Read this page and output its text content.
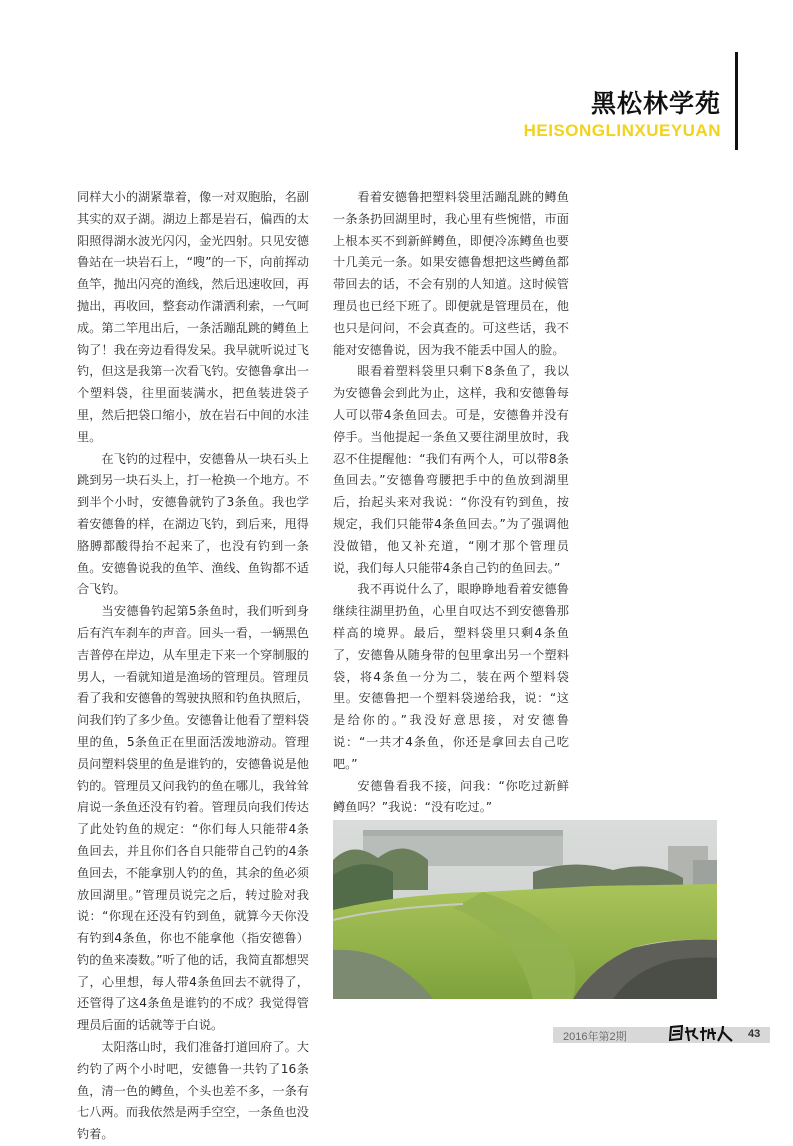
黑松林学苑
HEISONGLINXUEYUAN

同样大小的湖紧靠着，像一对双胞胎，名副其实的双子湖。湖边上都是岩石，偏西的太阳照得湖水波光闪闪，金光四射。只见安德鲁站在一块岩石上，“嗖”的一下，向前挥动鱼竿，抛出闪亮的渔线，然后迅速收回，再抛出，再收回，整套动作潇洒利索，一气呵成。第二竿甩出后，一条活蹦乱跳的鳟鱼上钩了！我在旁边看得发呆。我早就听说过飞钓，但这是我第一次看飞钓。安德鲁拿出一个塑料袋，往里面装满水，把鱼装进袋子里，然后把袋口缩小，放在岩石中间的水洼里。

在飞钓的过程中，安德鲁从一块石头上跳到另一块石头上，打一枪换一个地方。不到半个小时，安德鲁就钓了3条鱼。我也学着安德鲁的样，在湖边飞钓，到后来，甩得胳膊都酸得抬不起来了，也没有钓到一条鱼。安德鲁说我的鱼竿、渔线、鱼钩都不适合飞钓。

当安德鲁钓起第5条鱼时，我们听到身后有汽车刹车的声音。回头一看，一辆黑色吉普停在岸边，从车里走下来一个穿制服的男人，一看就知道是渔场的管理员。管理员看了我和安德鲁的驾驶执照和钓鱼执照后，问我们钓了多少鱼。安德鲁让他看了塑料袋里的鱼，5条鱼正在里面活泼地游动。管理员问塑料袋里的鱼是谁钓的，安德鲁说是他钓的。管理员又问我钓的鱼在哪儿，我耸耸肩说一条鱼还没有钓着。管理员向我们传达了此处钓鱼的规定：“你们每人只能带4条鱼回去，并且你们各自只能带自己钓的4条鱼回去，不能拿别人钓的鱼，其余的鱼必须放回湖里。”管理员说完之后，转过脸对我说：“你现在还没有钓到鱼，就算今天你没有钓到4条鱼，你也不能拿他（指安德鲁）钓的鱼来凑数。”听了他的话，我简直都想哭了，心里想，每人带4条鱼回去不就得了，还管得了这4条鱼是谁钓的不成？我觉得管理员后面的话就等于白说。

太阳落山时，我们准备打道回府了。大约钓了两个小时吧，安德鲁一共钓了16条鱼，清一色的鳟鱼，个头也差不多，一条有七八两。而我依然是两手空空，一条鱼也没钓着。

看着安德鲁把塑料袋里活蹦乱跳的鳟鱼一条条扔回湖里时，我心里有些惋惜，市面上根本买不到新鲜鳟鱼，即便冷冻鳟鱼也要十几美元一条。如果安德鲁想把这些鳟鱼都带回去的话，不会有别的人知道。这时候管理员也已经下班了。即便就是管理员在，他也只是问问，不会真查的。可这些话，我不能对安德鲁说，因为我不能丢中国人的脸。

眼看着塑料袋里只剩下8条鱼了，我以为安德鲁会到此为止，这样，我和安德鲁每人可以带4条鱼回去。可是，安德鲁并没有停手。当他提起一条鱼又要往湖里放时，我忍不住提醒他：“我们有两个人，可以带8条鱼回去。”安德鲁弯腰把手中的鱼放到湖里后，抬起头来对我说：“你没有钓到鱼，按规定，我们只能带4条鱼回去。”为了强调他没做错，他又补充道，“刚才那个管理员说，我们每人只能带4条自己钓的鱼回去。”

我不再说什么了，眼睁睁地看着安德鲁继续往湖里扔鱼，心里自叹达不到安德鲁那样高的境界。最后，塑料袋里只剩4条鱼了，安德鲁从随身带的包里拿出另一个塑料袋，将4条鱼一分为二，装在两个塑料袋里。安德鲁把一个塑料袋递给我，说：“这是给你的。”我没好意思接，对安德鲁说：“一共才4条鱼，你还是拿回去自己吃吧。”

安德鲁看我不接，问我：“你吃过新鲜鳟鱼吗？”我说：“没有吃过。”

2016年第2期	43
